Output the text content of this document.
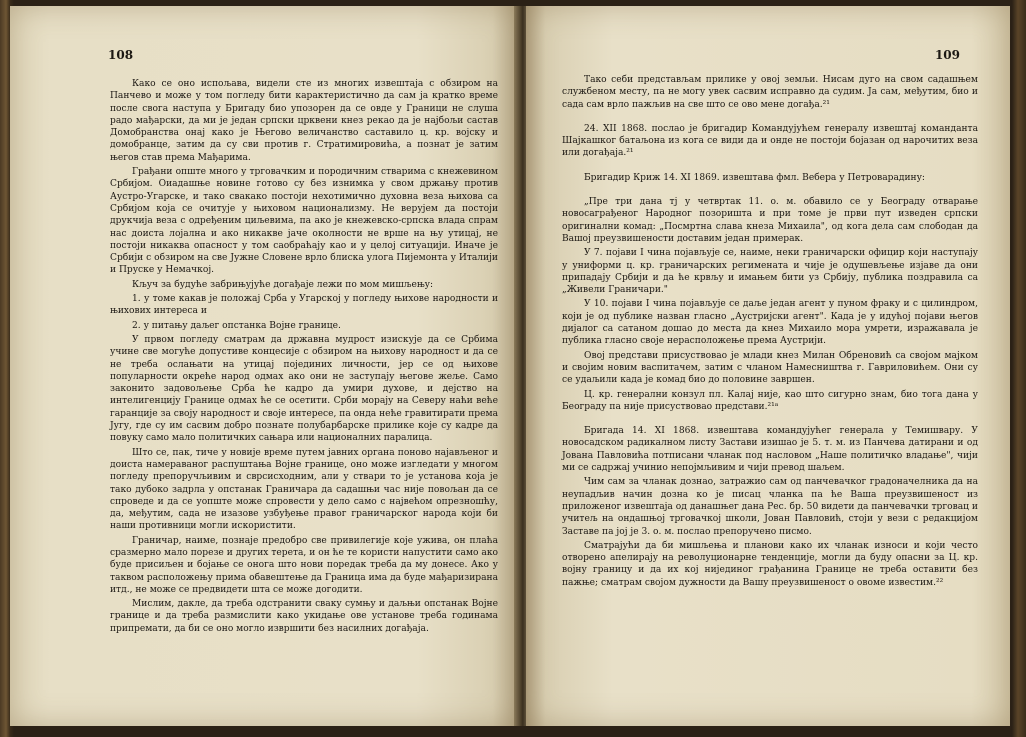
108

Како се оно испољава, видели сте из многих извештаја с обзиром на Панчево и може у том погледу бити карактеристично да сам ја кратко време после свога наступа у Бригаду био упозорен да се овде у Граници не слуша радо мађарски, да ми је један српски црквени кнез рекао да је најбољи састав Домобранства онај како је Његово величанство саставило ц. кр. војску и домобранце, затим да су сви против г. Стратимировића, а познат је затим његов став према Мађарима.

Грађани опште много у трговачким и породичним стварима с кнежевином Србијом. Оиадашње новине готово су без изнимка у свом држању против Аустро-Угарске, и тако свакако постоји нехотимично духовна веза њихова са Србијом која се очитује у њиховом национализму. Не верујем да постоји друкчија веза с одређеним циљевима, па ако је кнежевско-српска влада спрам нас доиста лојална и ако никакве јаче околности не врше на њу утицај, не постоји никаква опасност у том саобраћају као и у целој ситуацији. Иначе је Србији с обзиром на све Јужне Словене врло блиска улога Пијемонта у Италији и Пруске у Немачкој.

Кључ за будуће забрињујуће догађаје лежи по мом мишљењу:

1. у томе какав је положај Срба у Угарској у погледу њихове народности и њихових интереса и

2. у питању даљег опстанка Војне границе.

У првом погледу сматрам да државна мудрост изискује да се Србима учине све могуће допустиве концесије с обзиром на њихову народност и да се не треба ослањати на утицај појединих личности, јер се од њихове популарности окреће народ одмах ако они не заступају његове жеље. Само законито задовољење Срба ће кадро да умири духове, и дејство на интелигенцију Границе одмах ће се осетити. Срби морају на Северу наћи веће гаранције за своју народност и своје интересе, па онда неће гравитирати према Југу, где су им сасвим добро познате полубарбарске прилике које су кадре да повуку само мало политичких сањара или националних паралица.

Што се, пак, тиче у новије време путем јавних органа поново најављеног и доиста намераваног распуштања Војне границе, оно може изгледати у многом погледу препоручљивим и сврсисходним, али у ствари то је установа која је тако дубоко задрла у опстанак Граничара да садашњи час није повољан да се спроведе и да се уопште може спровести у дело само с највећом опрезношћу, да, међутим, сада не изазове узбуђење правог граничарског народа који би наши противници могли искористити.

Граничар, наиме, познаје предобро све привилегије које ужива, он плаћа сразмерно мало порезе и других терета, и он ће те користи напустити само ако буде присиљен и бојање се онога што нови поредак треба да му донесе. Ако у таквом расположењу прима обавештење да Граница има да буде мађаризирана итд., не може се предвидети шта се може догодити.

Мислим, дакле, да треба одстранити сваку сумњу и даљњи опстанак Војне границе и да треба размислити како укидање ове установе треба годинама припремати, да би се оно могло извршити без насилних догађаја.

109

Тако себи представљам прилике у овој земљи. Нисам дуго на свом садашњем службеном месту, па не могу увек сасвим исправно да судим. Ја сам, међутим, био и сада сам врло пажљив на све што се ово мене догађа.²¹

24. XII 1868. послао је бригадир Командујућем генералу извештај команданта Шајкашког батаљона из кога се види да и онде не постоји бојазан од нарочитих веза или догађаја.²¹

Бригадир Криж 14. XI 1869. извештава фмл. Вебера у Петроварадину:

„Пре три дана тј у четвртак 11. о. м. обавило се у Београду отварање новосаграђеног Народног позоришта и при томе је први пут изведен српски оригинални комад: „Посмртна слава кнеза Михаила", од кога дела сам слободан да Вашој преузвишености доставим један примерак.

У 7. појави I чина појављује се, наиме, неки граничарски официр који наступају у униформи ц. кр. граничарских регимената и чије је одушевљење изјаве да они припадају Србији и да ће крвљу и имањем бити уз Србију, публика поздравила са „Живели Граничари."

У 10. појави I чина појављује се даље један агент у пуном фраку и с цилиндром, који је од публике назван гласно „Аустријски агент". Када је у идућој појави његов дијалог са сатаном дошао до места да кнез Михаило мора умрети, изражавала је публика гласно своје нерасположење према Аустрији.

Овој представи присуствовао је млади кнез Милан Обреновић са својом мајком и својим новим васпитачем, затим с чланом Намесништва г. Гавриловићем. Они су се удаљили када је комад био до половине завршен.

Ц. кр. генерални конзул пл. Калај није, као што сигурно знам, био тога дана у Београду па није присуствовао представи.²¹ᵃ

Бригада 14. XI 1868. извештава командујућег генерала у Темишвару. У новосадском радикалном листу Застави изишао је 5. т. м. из Панчева датирани и од Јована Павловића потписани чланак под насловом „Наше политичко владање", чији ми се садржај учинио непојмљивим и чији превод шаљем.

Чим сам за чланак дознао, затражио сам од панчевачког градоначелника да на неупадљив начин дозна ко је писац чланка па ће Ваша преузвишеност из приложеног извештаја од данашњег дана Рес. бр. 50 видети да панчевачки трговац и учитељ на ондашњој трговачкој школи, Јован Павловић, стоји у вези с редакцијом Заставе па јој је 3. о. м. послао препоручено писмо.

Сматрајући да би мишљења и планови како их чланак износи и који често отворено апелирају на револуционарне тенденције, могли да буду опасни за Ц. кр. војну границу и да их кој нијединог грађанина Границе не треба оставити без пажње; сматрам својом дужности да Вашу преузвишеност о овоме известим.²²
